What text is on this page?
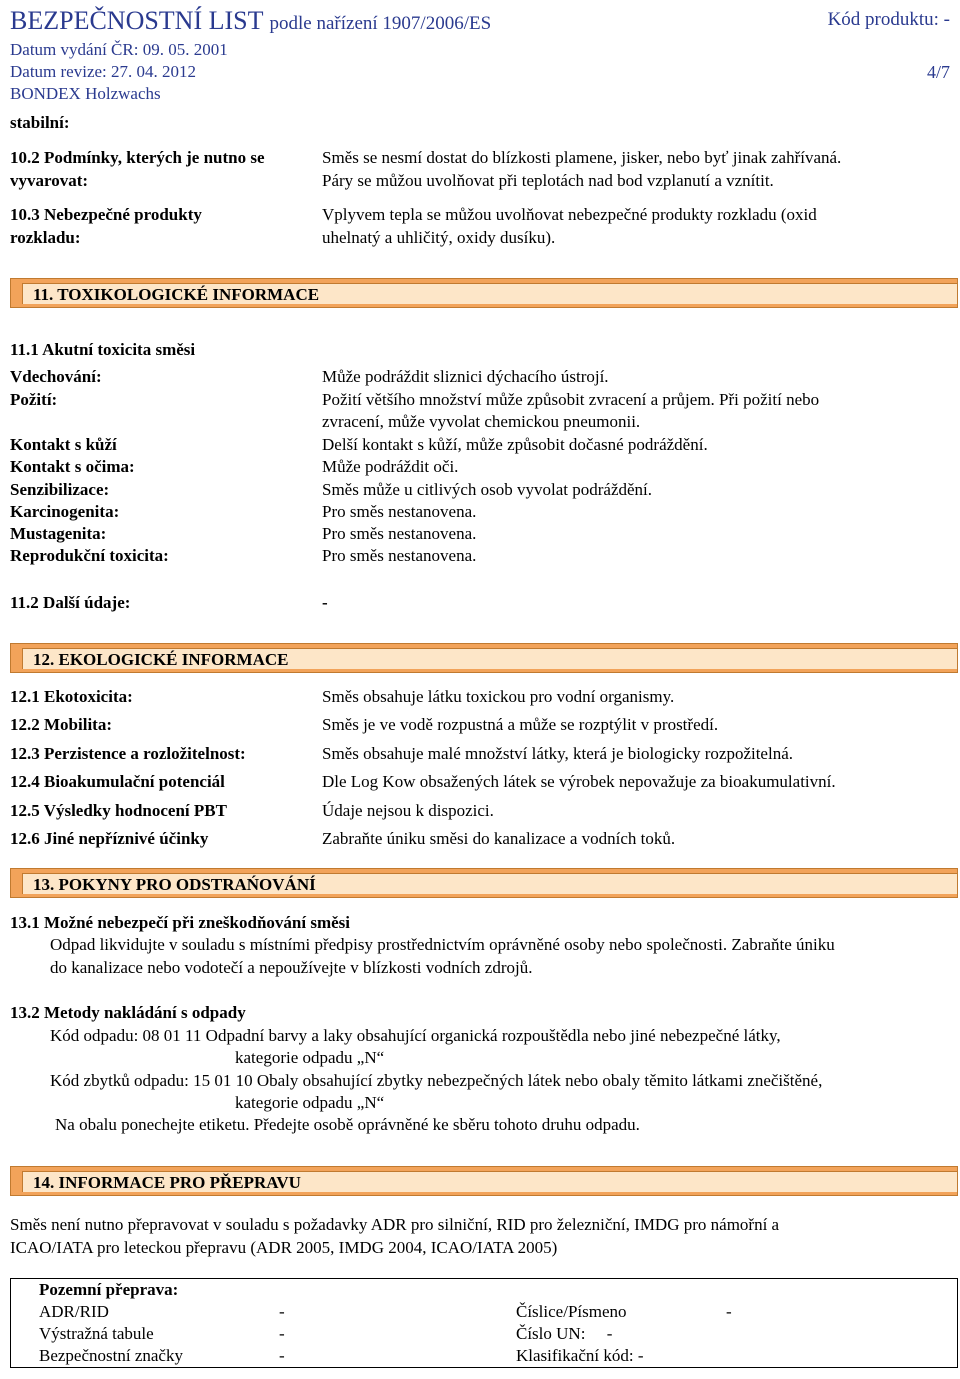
BEZPEČNOSTNÍ LIST podle nařízení 1907/2006/ES	Kód produktu: -
Datum vydání ČR: 09. 05. 2001
Datum revize: 27. 04. 2012	4/7
BONDEX Holzwachs
stabilní:
10.2 Podmínky, kterých je nutno se
vyvarovat:
Směs se nesmí dostat do blízkosti plamene, jisker, nebo byť jinak zahřívaná.
Páry se můžou uvolňovat při teplotách nad bod vzplanutí a vznítit.
10.3 Nebezpečné produkty
rozkladu:
Vplyvem tepla se můžou uvolňovat nebezpečné produkty rozkladu (oxid
uhelnatý a uhličitý, oxidy dusíku).
11. TOXIKOLOGICKÉ INFORMACE
11.1 Akutní toxicita směsi
Vdechování:	Může podráždit sliznici dýchacího ústrojí.
Požití:	Požití většího množství může způsobit zvracení a průjem. Při požití nebo
zvracení, může vyvolat chemickou pneumonii.
Kontakt s kůží	Delší kontakt s kůží, může způsobit dočasné podráždění.
Kontakt s očima:	Může podráždit oči.
Senzibilizace:	Směs může u citlivých osob vyvolat podráždění.
Karcinogenita:	Pro směs nestanovena.
Mustagenita:	Pro směs nestanovena.
Reprodukční toxicita:	Pro směs nestanovena.
11.2 Další údaje:	-
12. EKOLOGICKÉ INFORMACE
12.1 Ekotoxicita:	Směs obsahuje látku toxickou pro vodní organismy.
12.2 Mobilita:	Směs je ve vodě rozpustná a může se rozptýlit v prostředí.
12.3 Perzistence a rozložitelnost:	Směs obsahuje malé množství látky, která je biologicky rozpožitelná.
12.4 Bioakumulační potenciál	Dle Log Kow obsažených látek se výrobek nepovažuje za bioakumulativní.
12.5 Výsledky hodnocení PBT	Údaje nejsou k dispozici.
12.6 Jiné nepříznivé účinky	Zabraňte úniku směsi do kanalizace a vodních toků.
13. POKYNY PRO ODSTRAŃOVÁNÍ
13.1 Možné nebezpečí při zneškodňování směsi
Odpad likvidujte v souladu s místními předpisy prostřednictvím oprávněné osoby nebo společnosti. Zabraňte úniku
do kanalizace nebo vodotečí a nepoužívejte v blízkosti vodních zdrojů.
13.2 Metody nakládání s odpady
Kód odpadu: 08 01 11 Odpadní barvy a laky obsahující organická rozpouštědla nebo jiné nebezpečné látky,
kategorie odpadu „N“
Kód zbytků odpadu: 15 01 10 Obaly obsahující zbytky nebezpečných látek nebo obaly těmito látkami znečištěné,
kategorie odpadu „N“
Na obalu ponechejte etiketu. Předejte osobě oprávněné ke sběru tohoto druhu odpadu.
14. INFORMACE PRO PŘEPRAVU
Směs není nutno přepravovat v souladu s požadavky ADR pro silniční, RID pro železniční, IMDG pro námořní a
ICAO/IATA pro leteckou přepravu (ADR 2005, IMDG 2004, ICAO/IATA 2005)
	Pozemní přeprava:			
	ADR/RID	-	Číslice/Písmeno	-
	Výstražná tabule	-	Číslo UN: -	
	Bezpečnostní značky	-	Klasifikační kód: -	
